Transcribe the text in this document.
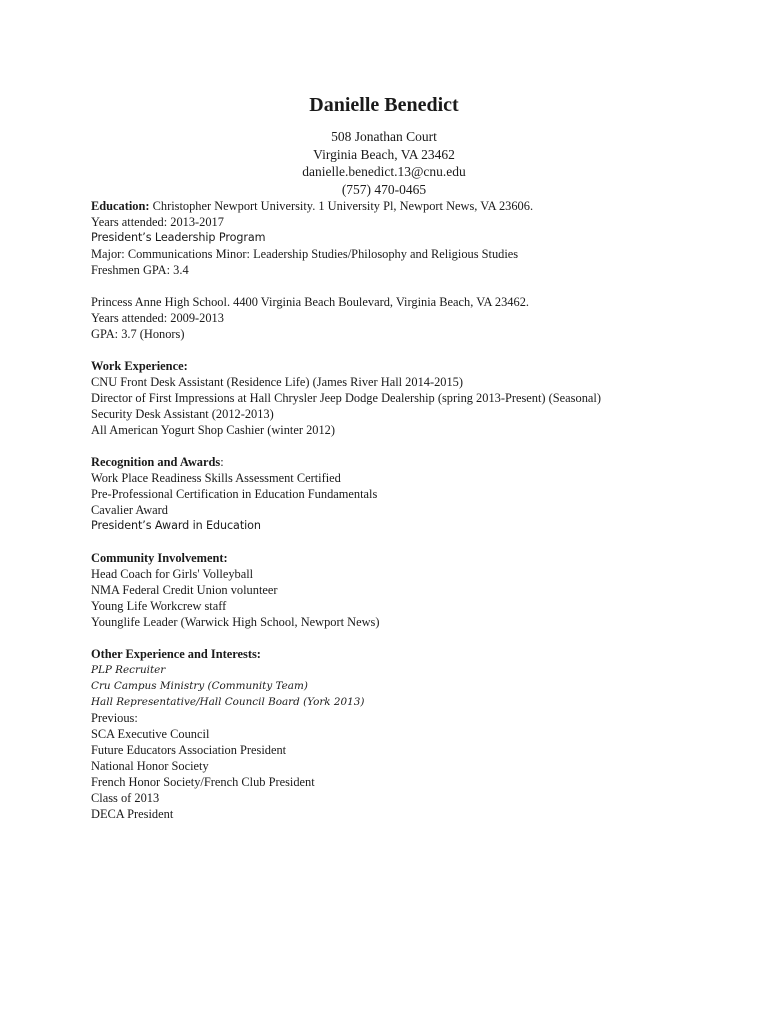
Danielle Benedict
508 Jonathan Court
Virginia Beach, VA 23462
danielle.benedict.13@cnu.edu
(757) 470-0465
Education: Christopher Newport University. 1 University Pl, Newport News, VA 23606.
Years attended: 2013-2017
President’s Leadership Program
Major: Communications Minor: Leadership Studies/Philosophy and Religious Studies
Freshmen GPA: 3.4
Princess Anne High School. 4400 Virginia Beach Boulevard, Virginia Beach, VA 23462.
Years attended: 2009-2013
GPA: 3.7 (Honors)
Work Experience:
CNU Front Desk Assistant (Residence Life) (James River Hall 2014-2015)
Director of First Impressions at Hall Chrysler Jeep Dodge Dealership (spring 2013-Present) (Seasonal)
Security Desk Assistant (2012-2013)
All American Yogurt Shop Cashier (winter 2012)
Recognition and Awards:
Work Place Readiness Skills Assessment Certified
Pre-Professional Certification in Education Fundamentals
Cavalier Award
President’s Award in Education
Community Involvement:
Head Coach for Girls' Volleyball
NMA Federal Credit Union volunteer
Young Life Workcrew staff
Younglife Leader (Warwick High School, Newport News)
Other Experience and Interests:
PLP Recruiter
Cru Campus Ministry (Community Team)
Hall Representative/Hall Council Board (York 2013)
Previous:
SCA Executive Council
Future Educators Association President
National Honor Society
French Honor Society/French Club President
Class of 2013
DECA President
